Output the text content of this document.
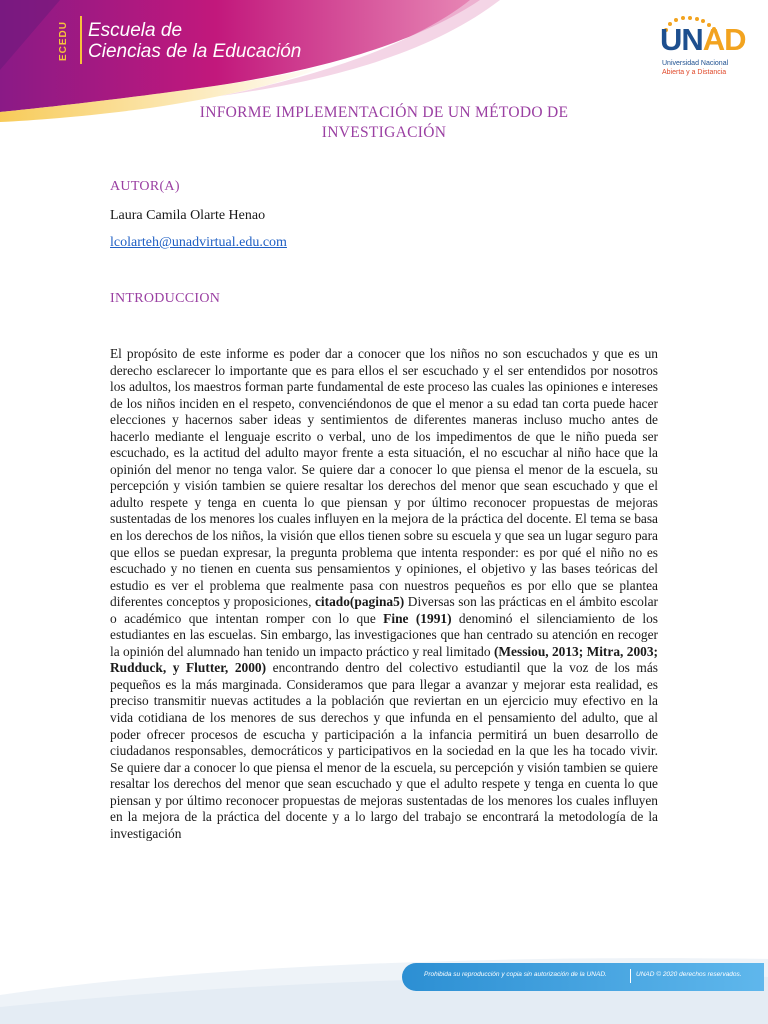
ECEDU	Escuela de
Ciencias de la Educación	UNAD
Universidad Nacional
Abierta y a Distancia
INFORME IMPLEMENTACIÓN DE UN MÉTODO DE
INVESTIGACIÓN
AUTOR(A)
Laura Camila Olarte Henao
lcolarteh@unadvirtual.edu.com
INTRODUCCION
El propósito de este informe es poder dar a conocer que los niños no son escuchados y que es un derecho esclarecer lo importante que es para ellos el ser escuchado y el ser entendidos por nosotros los adultos, los maestros forman parte fundamental de este proceso las cuales las opiniones e intereses de los niños inciden en el respeto, convenciéndonos de que el menor a su edad tan corta puede hacer elecciones y hacernos saber ideas y sentimientos de diferentes maneras incluso mucho antes de hacerlo mediante el lenguaje escrito o verbal, uno de los impedimentos de que le niño pueda ser escuchado, es la actitud del adulto mayor frente a esta situación, el no escuchar al niño hace que la opinión del menor no tenga valor. Se quiere dar a conocer lo que piensa el menor de la escuela, su percepción y visión tambien se quiere resaltar los derechos del menor que sean escuchado y que el adulto respete y tenga en cuenta lo que piensan y por último reconocer propuestas de mejoras sustentadas de los menores los cuales influyen en la mejora de la práctica del docente. El tema se basa en los derechos de los niños, la visión que ellos tienen sobre su escuela y que sea un lugar seguro para que ellos se puedan expresar, la pregunta problema que intenta responder: es por qué el niño no es escuchado y no tienen en cuenta sus pensamientos y opiniones, el objetivo y las bases teóricas del estudio es ver el problema que realmente pasa con nuestros pequeños es por ello que se plantea diferentes conceptos y proposiciones, citado(pagina5) Diversas son las prácticas en el ámbito escolar o académico que intentan romper con lo que Fine (1991) denominó el silenciamiento de los estudiantes en las escuelas. Sin embargo, las investigaciones que han centrado su atención en recoger la opinión del alumnado han tenido un impacto práctico y real limitado (Messiou, 2013; Mitra, 2003; Rudduck, y Flutter, 2000) encontrando dentro del colectivo estudiantil que la voz de los más pequeños es la más marginada. Consideramos que para llegar a avanzar y mejorar esta realidad, es preciso transmitir nuevas actitudes a la población que reviertan en un ejercicio muy efectivo en la vida cotidiana de los menores de sus derechos y que infunda en el pensamiento del adulto, que al poder ofrecer procesos de escucha y participación a la infancia permitirá un buen desarrollo de ciudadanos responsables, democráticos y participativos en la sociedad en la que les ha tocado vivir. Se quiere dar a conocer lo que piensa el menor de la escuela, su percepción y visión tambien se quiere resaltar los derechos del menor que sean escuchado y que el adulto respete y tenga en cuenta lo que piensan y por último reconocer propuestas de mejoras sustentadas de los menores los cuales influyen en la mejora de la práctica del docente y a lo largo del trabajo se encontrará la metodología de la investigación
Prohibida su reproducción y copia sin autorización de la UNAD.	UNAD © 2020 derechos reservados.
